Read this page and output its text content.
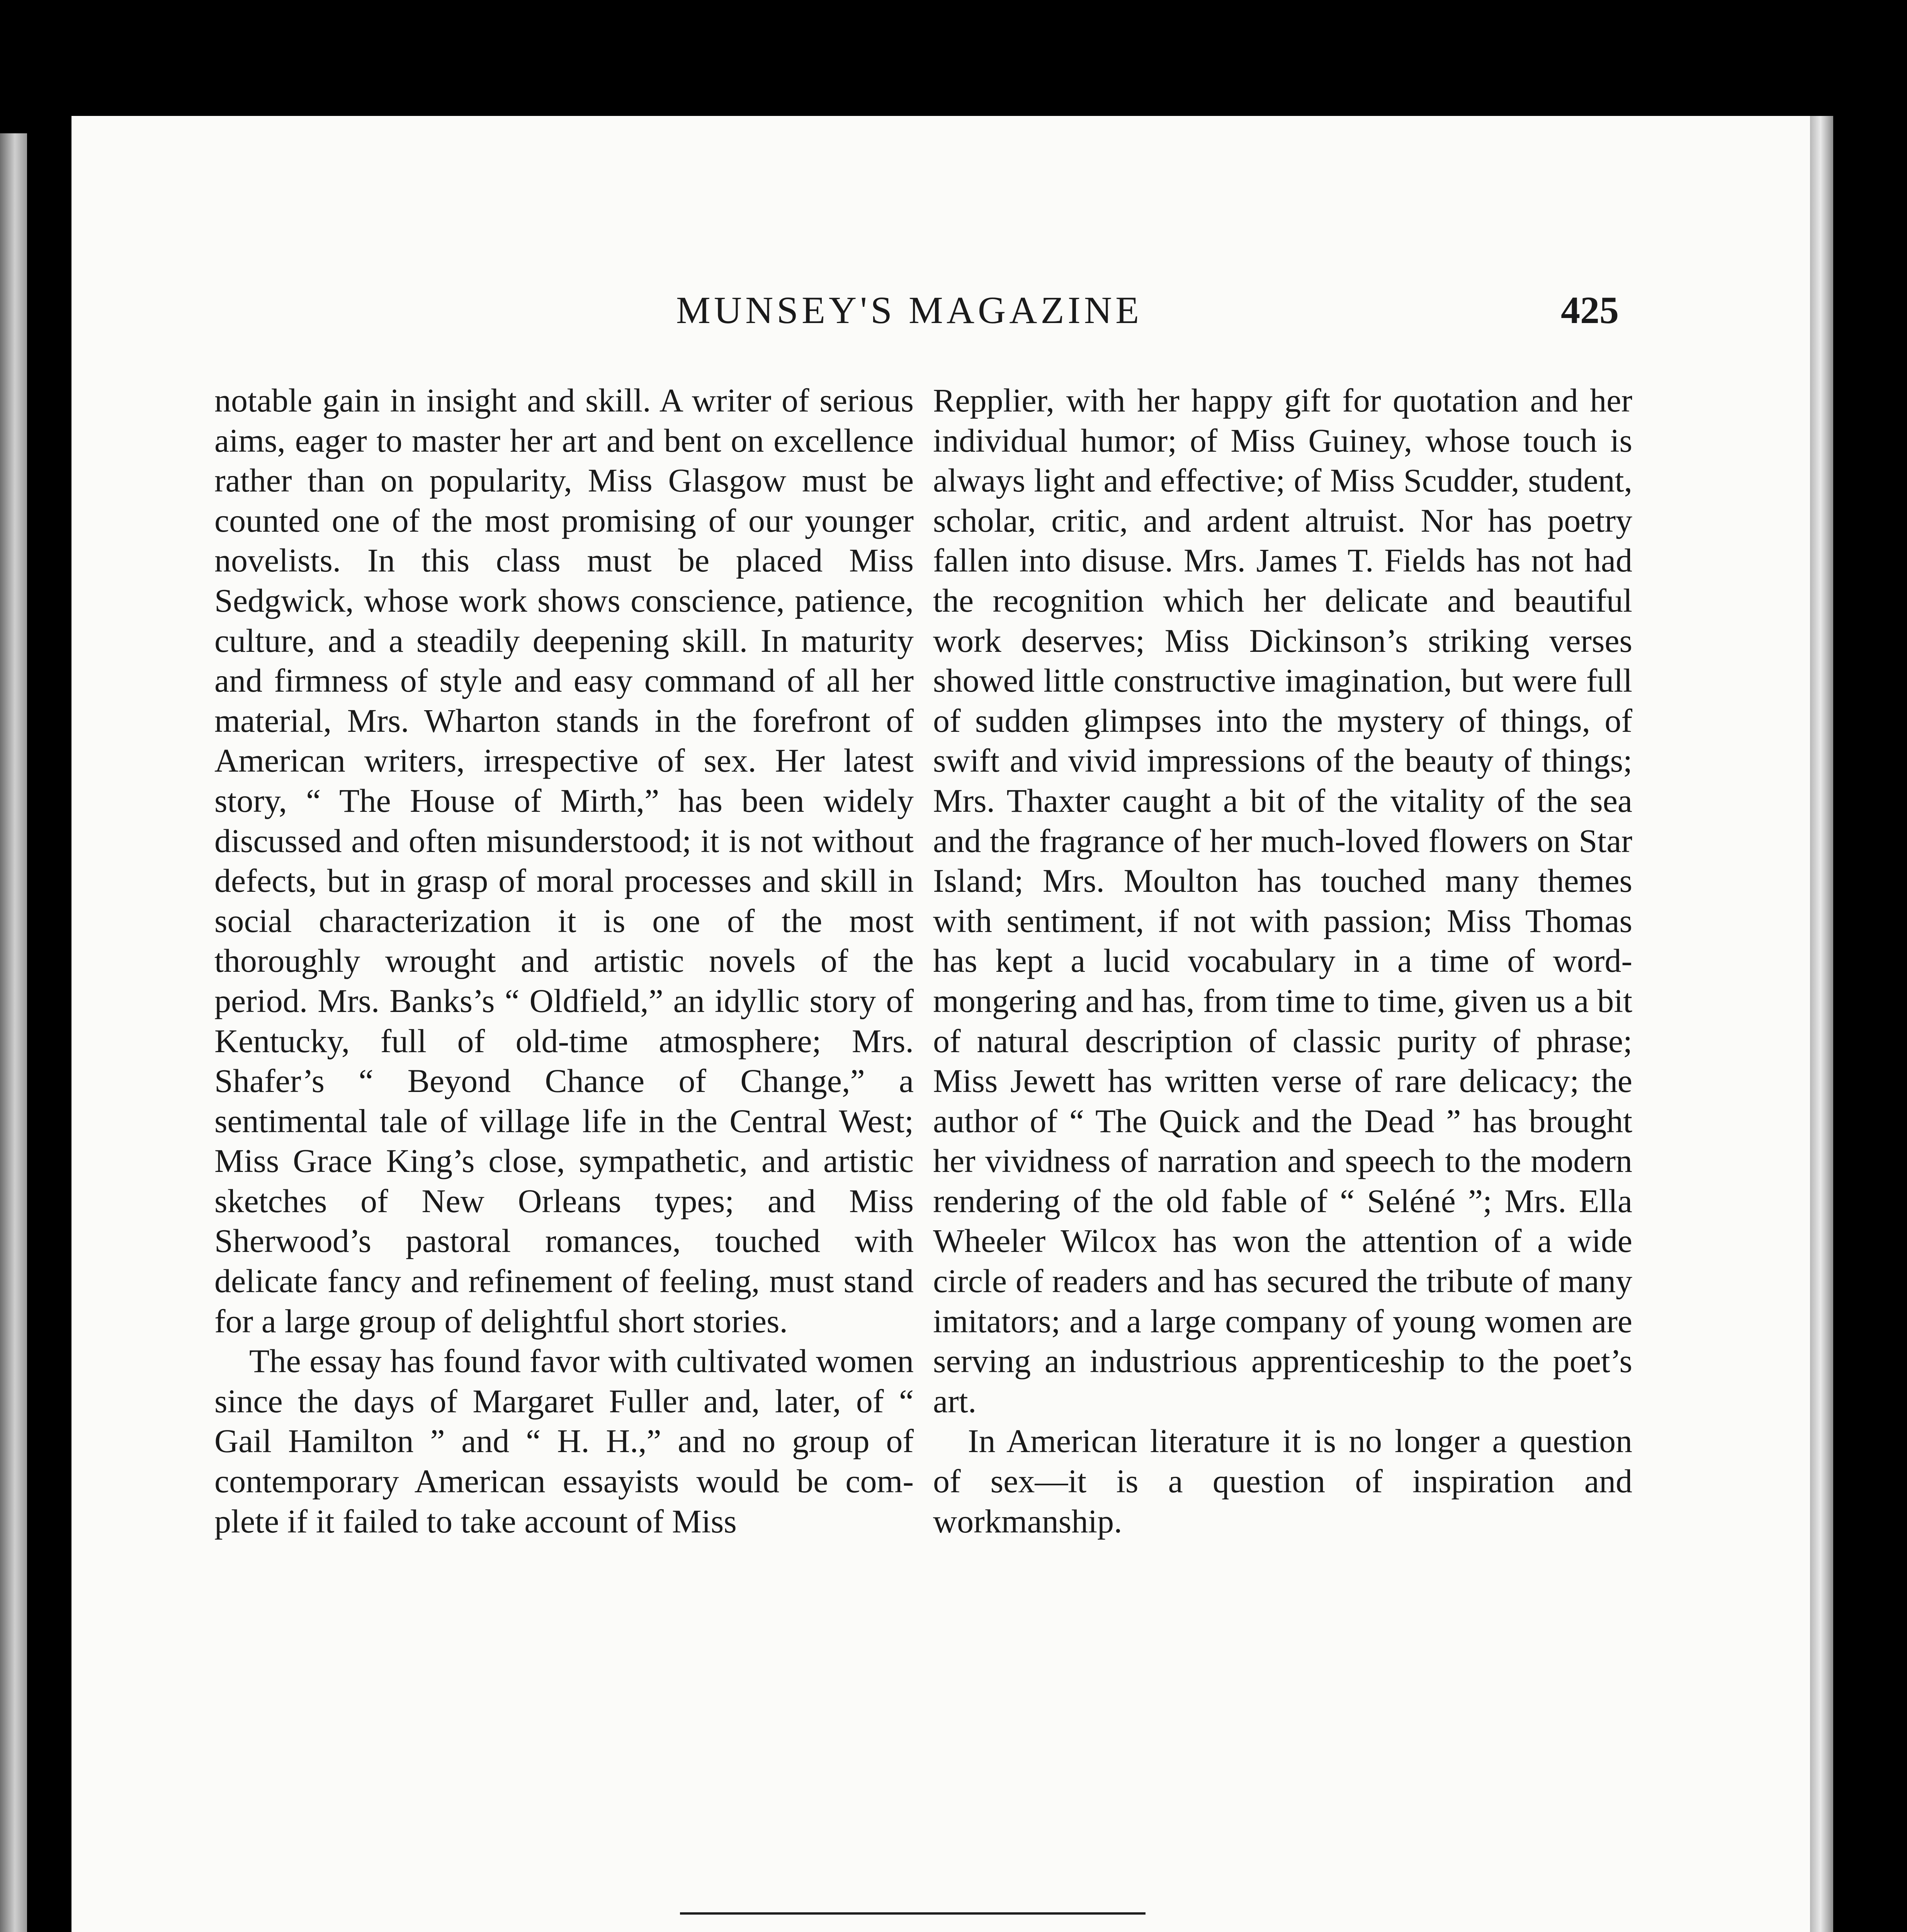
MUNSEY'S MAGAZINE	425

notable gain in insight and skill. A writer of serious aims, eager to master her art and bent on excellence rather than on popularity, Miss Glasgow must be counted one of the most promising of our younger novelists. In this class must be placed Miss Sedgwick, whose work shows conscience, patience, culture, and a steadily deepening skill. In maturity and firmness of style and easy command of all her material, Mrs. Wharton stands in the forefront of American writers, irrespective of sex. Her latest story, “ The House of Mirth,” has been widely discussed and often misunderstood; it is not without defects, but in grasp of moral processes and skill in social characterization it is one of the most thoroughly wrought and artistic novels of the period. Mrs. Banks’s “ Oldfield,” an idyllic story of Kentucky, full of old-time atmosphere; Mrs. Shafer’s “ Beyond Chance of Change,” a sentimental tale of village life in the Central West; Miss Grace King’s close, sympathetic, and artistic sketches of New Orleans types; and Miss Sherwood’s pastoral romances, touched with delicate fancy and refinement of feeling, must stand for a large group of delightful short stories.

The essay has found favor with cultivated women since the days of Margaret Fuller and, later, of “ Gail Hamilton ” and “ H. H.,” and no group of contemporary American essayists would be complete if it failed to take account of Miss

Repplier, with her happy gift for quotation and her individual humor; of Miss Guiney, whose touch is always light and effective; of Miss Scudder, student, scholar, critic, and ardent altruist. Nor has poetry fallen into disuse. Mrs. James T. Fields has not had the recognition which her delicate and beautiful work deserves; Miss Dickinson’s striking verses showed little constructive imagination, but were full of sudden glimpses into the mystery of things, of swift and vivid impressions of the beauty of things; Mrs. Thaxter caught a bit of the vitality of the sea and the fragrance of her much-loved flowers on Star Island; Mrs. Moulton has touched many themes with sentiment, if not with passion; Miss Thomas has kept a lucid vocabulary in a time of word-mongering and has, from time to time, given us a bit of natural description of classic purity of phrase; Miss Jewett has written verse of rare delicacy; the author of “ The Quick and the Dead ” has brought her vividness of narration and speech to the modern rendering of the old fable of “ Seléné ”; Mrs. Ella Wheeler Wilcox has won the attention of a wide circle of readers and has secured the tribute of many imitators; and a large company of young women are serving an industrious apprenticeship to the poet’s art.

In American literature it is no longer a question of sex—it is a question of inspiration and workmanship.
